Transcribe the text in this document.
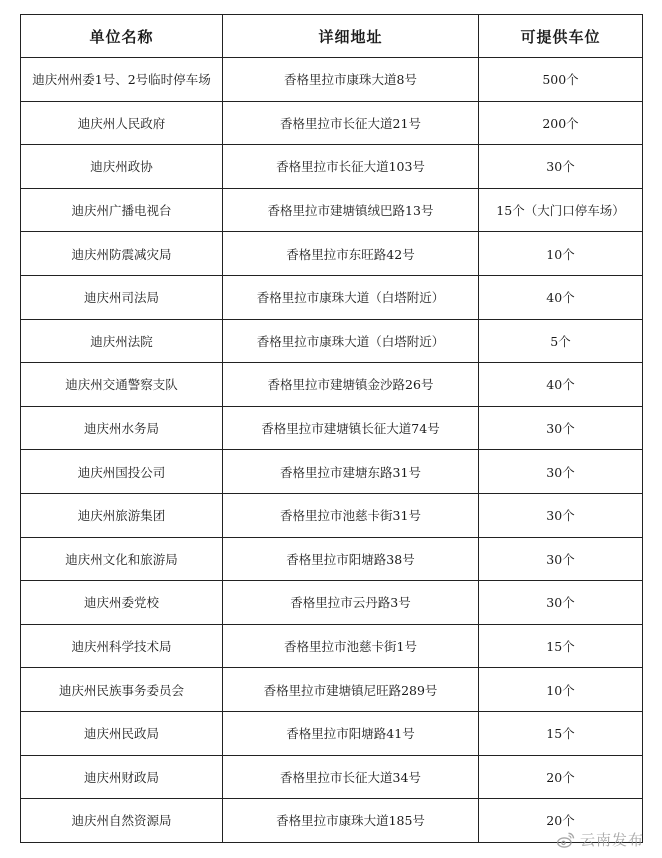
单位名称	详细地址	可提供车位
迪庆州州委1号、2号临时停车场	香格里拉市康珠大道8号	500个
迪庆州人民政府	香格里拉市长征大道21号	200个
迪庆州政协	香格里拉市长征大道103号	30个
迪庆州广播电视台	香格里拉市建塘镇绒巴路13号	15个（大门口停车场）
迪庆州防震减灾局	香格里拉市东旺路42号	10个
迪庆州司法局	香格里拉市康珠大道（白塔附近）	40个
迪庆州法院	香格里拉市康珠大道（白塔附近）	5个
迪庆州交通警察支队	香格里拉市建塘镇金沙路26号	40个
迪庆州水务局	香格里拉市建塘镇长征大道74号	30个
迪庆州国投公司	香格里拉市建塘东路31号	30个
迪庆州旅游集团	香格里拉市池慈卡街31号	30个
迪庆州文化和旅游局	香格里拉市阳塘路38号	30个
迪庆州委党校	香格里拉市云丹路3号	30个
迪庆州科学技术局	香格里拉市池慈卡街1号	15个
迪庆州民族事务委员会	香格里拉市建塘镇尼旺路289号	10个
迪庆州民政局	香格里拉市阳塘路41号	15个
迪庆州财政局	香格里拉市长征大道34号	20个
迪庆州自然资源局	香格里拉市康珠大道185号	20个
云南发布
